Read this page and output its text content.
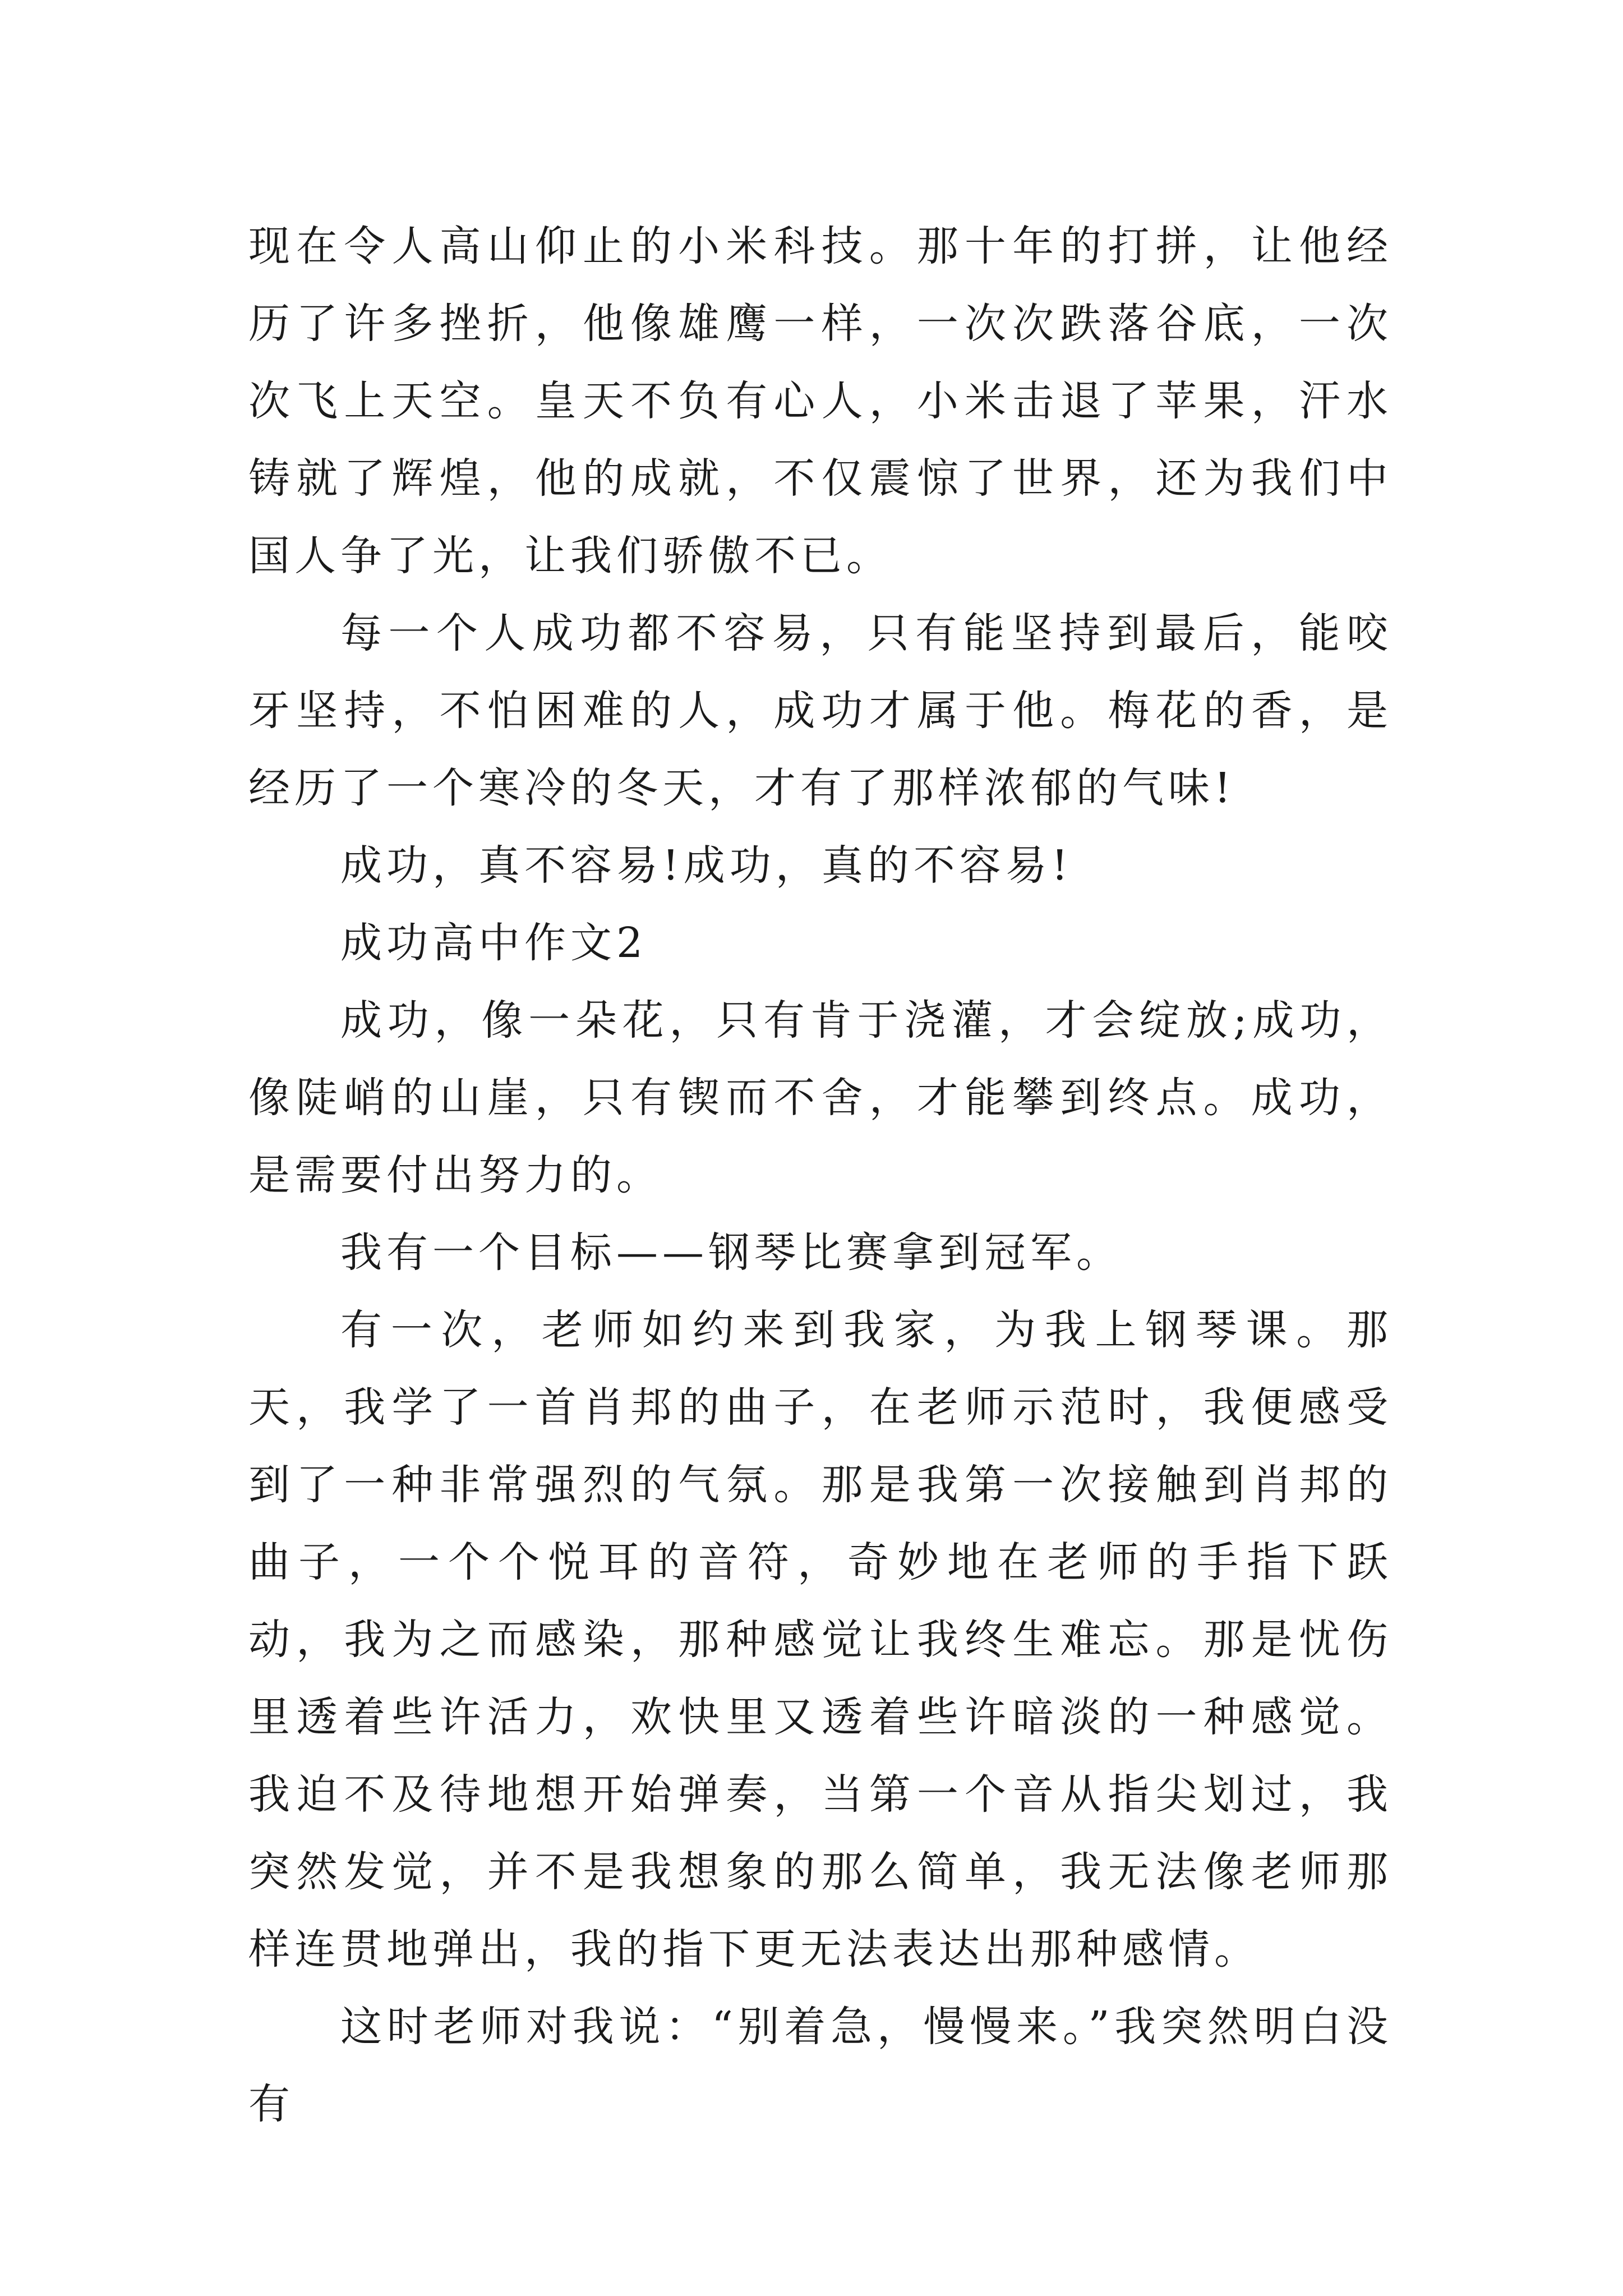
现在令人高山仰止的小米科技。那十年的打拼，让他经历了许多挫折，他像雄鹰一样，一次次跌落谷底，一次次飞上天空。皇天不负有心人，小米击退了苹果，汗水铸就了辉煌，他的成就，不仅震惊了世界，还为我们中国人争了光，让我们骄傲不已。

每一个人成功都不容易，只有能坚持到最后，能咬牙坚持，不怕困难的人，成功才属于他。梅花的香，是经历了一个寒冷的冬天，才有了那样浓郁的气味!

成功，真不容易!成功，真的不容易!

成功高中作文2

成功，像一朵花，只有肯于浇灌，才会绽放;成功，像陡峭的山崖，只有锲而不舍，才能攀到终点。成功，是需要付出努力的。

我有一个目标——钢琴比赛拿到冠军。

有一次，老师如约来到我家，为我上钢琴课。那天，我学了一首肖邦的曲子，在老师示范时，我便感受到了一种非常强烈的气氛。那是我第一次接触到肖邦的曲子，一个个悦耳的音符，奇妙地在老师的手指下跃动，我为之而感染，那种感觉让我终生难忘。那是忧伤里透着些许活力，欢快里又透着些许暗淡的一种感觉。我迫不及待地想开始弹奏，当第一个音从指尖划过，我突然发觉，并不是我想象的那么简单，我无法像老师那样连贯地弹出，我的指下更无法表达出那种感情。

这时老师对我说：“别着急，慢慢来。”我突然明白没有
